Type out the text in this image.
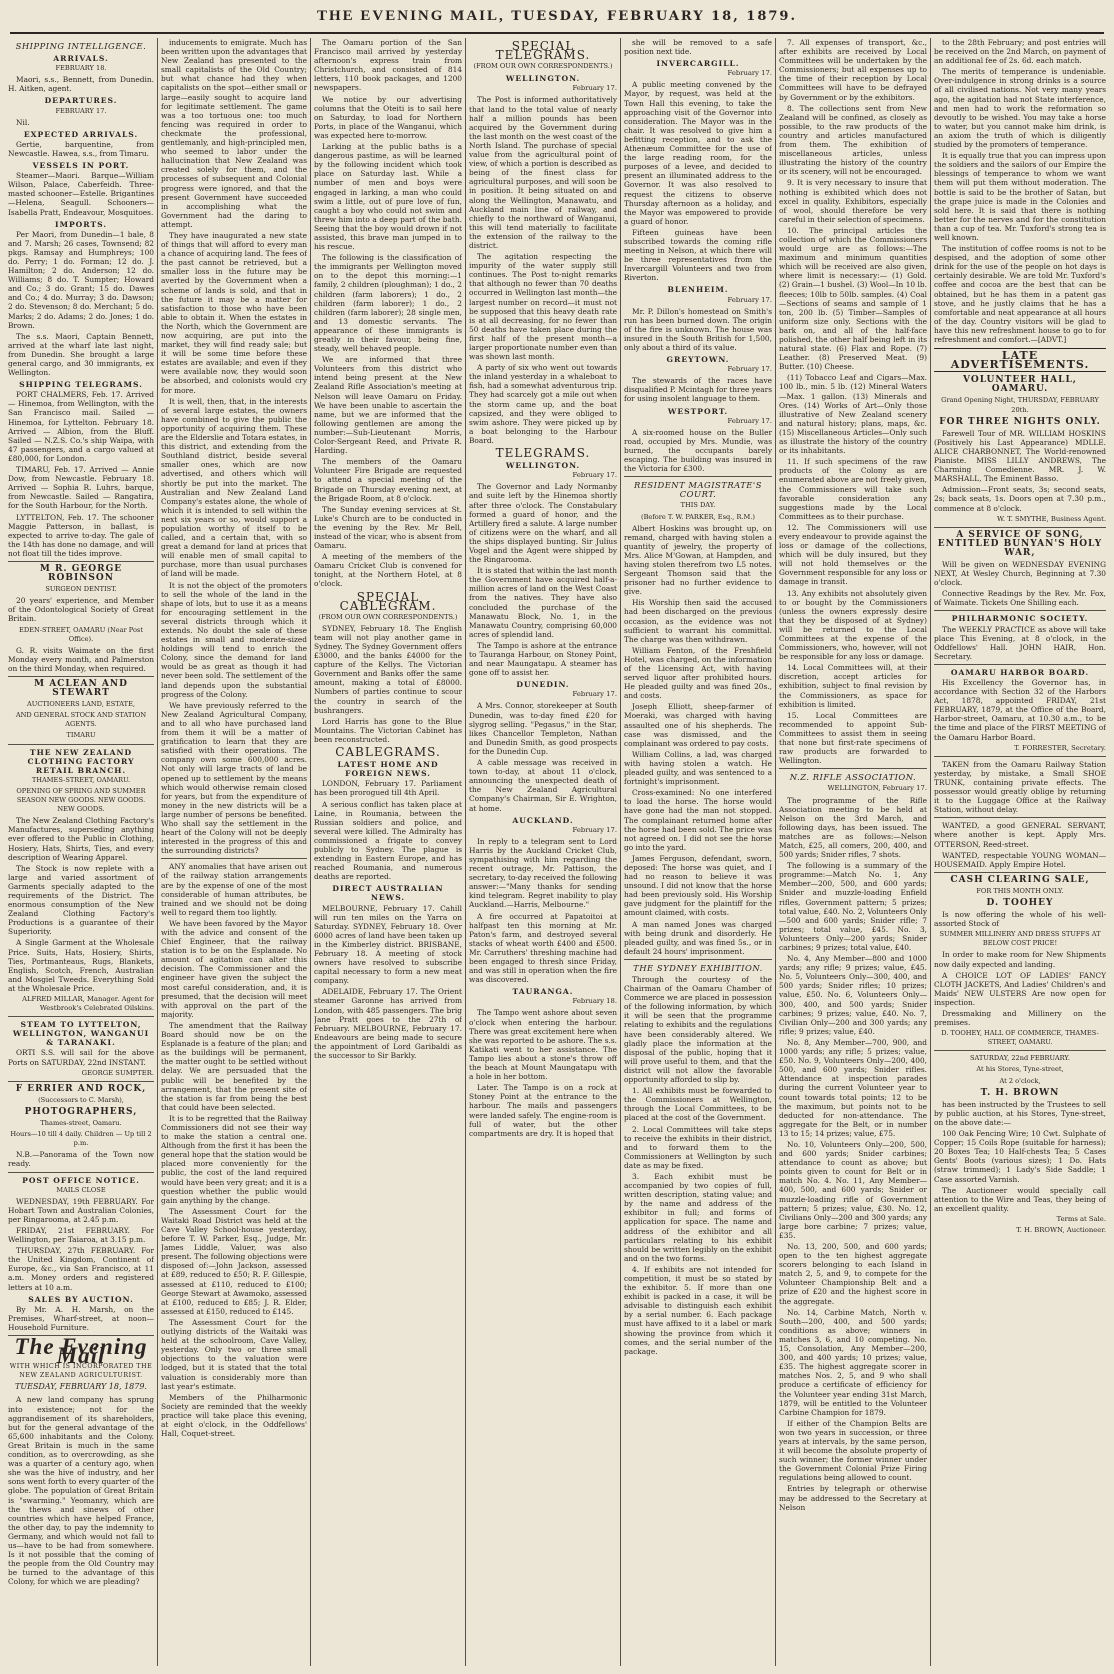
THE EVENING MAIL, TUESDAY, FEBRUARY 18, 1879.
SHIPPING INTELLIGENCE.
ARRIVALS.
FEBRUARY 18.

Maori, s.s., Bennett, from Dunedin. H. Aitken, agent.

DEPARTURES.
FEBRUARY 17.

Nil.

EXPECTED ARRIVALS.

Gertie, barquentine, from Newcastle. Hawea, s.s., from Timaru.

VESSELS IN PORT.

Steamer—Maori. Barque—William Wilson, Palace, Caberfeidh. Three-masted schooner—Estelle. Brigantines—Helena, Seagull. Schooners—Isabella Pratt, Endeavour, Mosquitoes.

IMPORTS.

Per Maori, from Dunedin—1 bale, 8 and 7. Marsh; 26 cases, Townsend; 82 pkgs. Ramsay and Humphreys; 100 do. Perry; 1 do. Forman; 12 do. J. Hamilton; 2 do. Anderson; 12 do. Williams; 8 do. T. Sumpter; Howard and Co.; 3 do. Grant; 15 do. Dawes and Co.; 4 do. Murray; 3 do. Dawson; 2 do. Stevenson; 8 do. Merchant; 5 do. Marks; 2 do. Adams; 2 do. Jones; 1 do. Brown.

The s.s. Maori, Captain Bennett, arrived at the wharf late last night, from Dunedin. She brought a large general cargo, and 30 immigrants, ex Wellington.

SHIPPING TELEGRAMS.

PORT CHALMERS, Feb. 17. Arrived — Hinemoa, from Wellington, with the San Francisco mail. Sailed — Hinemoa, for Lyttelton. February 18. Arrived — Albion, from the Bluff. Sailed — N.Z.S. Co.'s ship Waipa, with 47 passengers, and a cargo valued at £80,000, for London.

TIMARU, Feb. 17. Arrived — Annie Dow, from Newcastle. February 18. Arrived — Sophia R. Luhrs, barque, from Newcastle. Sailed — Rangatira, for the South Harbour, for the North.

LYTTELTON, Feb. 17. The schooner Maggie Patterson, in ballast, is expected to arrive to-day. The gale of the 14th has done no damage, and will not float till the tides improve.

M R. GEORGE ROBINSON
SURGEON DENTIST.

20 years' experience, and Member of the Odontological Society of Great Britain.

EDEN-STREET, OAMARU (Near Post Office).

G. R. visits Waimate on the first Monday every month, and Palmerston on the third Monday, when required.

M ACLEAN AND STEWART
AUCTIONEERS LAND, ESTATE,
AND GENERAL STOCK AND STATION AGENTS.
TIMARU
THE NEW ZEALAND CLOTHING FACTORY RETAIL BRANCH.
THAMES-STREET, OAMARU.
OPENING OF SPRING AND SUMMER SEASON NEW GOODS. NEW GOODS. NEW GOODS.

The New Zealand Clothing Factory's Manufactures, superseding anything ever offered to the Public in Clothing, Hosiery, Hats, Shirts, Ties, and every description of Wearing Apparel.

The Stock is now replete with a large and varied assortment of Garments specially adapted to the requirements of the District. The enormous consumption of the New Zealand Clothing Factory's Productions is a guarantee of their Superiority.

A Single Garment at the Wholesale Price. Suits, Hats, Hosiery, Shirts, Ties, Portmanteaus, Rugs, Blankets, English, Scotch, French, Australian and Mosgiel Tweeds. Everything Sold at the Wholesale Price.

ALFRED MILLAR, Manager. Agent for Westbrook's Celebrated Oilskins.
STEAM TO LYTTELTON, WELLINGTON, WANGANUI & TARANAKI.

ORTI S.S. will sail for the above Ports on SATURDAY, 22nd INSTANT.

GEORGE SUMPTER.
F ERRIER AND ROCK,
(Successors to C. Marsh),
PHOTOGRAPHERS,
Thames-street, Oamaru.
Hours—10 till 4 daily. Children — Up till 2 p.m.

N.B.—Panorama of the Town now ready.

POST OFFICE NOTICE.
MAILS CLOSE

WEDNESDAY, 19th FEBRUARY. For Hobart Town and Australian Colonies, per Ringarooma, at 2.45 p.m.

FRIDAY, 21st FEBRUARY. For Wellington, per Taiaroa, at 3.15 p.m.

THURSDAY, 27th FEBRUARY. For the United Kingdom, Continent of Europe, &c., via San Francisco, at 11 a.m. Money orders and registered letters at 10 a.m.

SALES BY AUCTION.

By Mr. A. H. Marsh, on the Premises, Wharf-street, at noon—Household Furniture.

The Evening Mail
WITH WHICH IS INCORPORATED THE NEW ZEALAND AGRICULTURIST.
TUESDAY, FEBRUARY 18, 1879.

A new land company has sprung into existence; not for the aggrandisement of its shareholders, but for the general advantage of the 65,600 inhabitants and the Colony. Great Britain is much in the same condition, as to overcrowding, as she was a quarter of a century ago, when she was the hive of industry, and her sons went forth to every quarter of the globe. The population of Great Britain is "swarming." Yeomanry, which are the thews and sinews of other countries which have helped France, the other day, to pay the indemnity to Germany, and which would not fall to us—have to be had from somewhere. Is it not possible that the coming of the people from the Old Country may be turned to the advantage of this Colony, for which we are pleading?

inducements to emigrate. Much has been written upon the advantages that New Zealand has presented to the small capitalists of the Old Country; but what chance had they when capitalists on the spot—either small or large—easily sought to acquire land for legitimate settlement. The game was a too tortuous one: too much fencing was required in order to checkmate the professional, gentlemanly, and high-principled men, who seemed to labor under the hallucination that New Zealand was created solely for them, and the processes of subsequent and Colonial progress were ignored, and that the present Government have succeeded in accomplishing what the Government had the daring to attempt.

They have inaugurated a new state of things that will afford to every man a chance of acquiring land. The fees of the past cannot be retrieved, but a smaller loss in the future may be averted by the Government when a scheme of lands is sold, and that in the future it may be a matter for satisfaction to those who have been able to obtain it. When the estates in the North, which the Government are now acquiring, are put into the market, they will find ready sale; but it will be some time before these estates are available; and even if they were available now, they would soon be absorbed, and colonists would cry for more.

It is well, then, that, in the interests of several large estates, the owners have combined to give the public the opportunity of acquiring them. These are the Elderslie and Totara estates, in this district, and extending from the Southland district, beside several smaller ones, which are now advertised, and others which will shortly be put into the market. The Australian and New Zealand Land Company's estates alone, the whole of which it is intended to sell within the next six years or so, would support a population worthy of itself to be called, and a certain that, with so great a demand for land at prices that will enable men of small capital to purchase, more than usual purchases of land will be made.

It is not the object of the promoters to sell the whole of the land in the shape of lots, but to use it as a means for encouraging settlement in the several districts through which it extends. No doubt the sale of these estates in small and moderate-sized holdings will tend to enrich the Colony, since the demand for land would be as great as though it had never been sold. The settlement of the land depends upon the substantial progress of the Colony.

We have previously referred to the New Zealand Agricultural Company, and to all who have purchased land from them it will be a matter of gratification to learn that they are satisfied with their operations. The company own some 600,000 acres. Not only will large tracts of land be opened up to settlement by the means which would otherwise remain closed for years, but from the expenditure of money in the new districts will be a large number of persons be benefited. Who shall say the settlement in the heart of the Colony will not be deeply interested in the progress of this and the surrounding districts?

ANY anomalies that have arisen out of the railway station arrangements are by the expense of one of the most considerable of human attributes, be trained and we should not be doing well to regard them too lightly.

We have been favored by the Mayor with the advice and consent of the Chief Engineer, that the railway station is to be on the Esplanade. No amount of agitation can alter this decision. The Commissioner and the engineer have given the subject the most careful consideration, and, it is presumed, that the decision will meet with approval on the part of the majority.

The amendment that the Railway Board should now be on the Esplanade is a feature of the plan; and as the buildings will be permanent, the matter ought to be settled without delay. We are persuaded that the public will be benefited by the arrangement, that the present site of the station is far from being the best that could have been selected.

It is to be regretted that the Railway Commissioners did not see their way to make the station a central one. Although from the first it has been the general hope that the station would be placed more conveniently for the public, the cost of the land required would have been very great; and it is a question whether the public would gain anything by the change.

The Assessment Court for the Waitaki Road District was held at the Cave Valley School-house yesterday, before T. W. Parker, Esq., Judge, Mr. James Liddle, Valuer, was also present. The following objections were disposed of:—John Jackson, assessed at £89, reduced to £50; R. F. Gillespie, assessed at £110, reduced to £100; George Stewart at Awamoko, assessed at £100, reduced to £85; J. R. Elder, assessed at £150, reduced to £145.

The Assessment Court for the outlying districts of the Waitaki was held at the schoolroom, Cave Valley, yesterday. Only two or three small objections to the valuation were lodged, but it is stated that the total valuation is considerably more than last year's estimate.

Members of the Philharmonic Society are reminded that the weekly practice will take place this evening, at eight o'clock, in the Oddfellows' Hall, Coquet-street.

The Oamaru portion of the San Francisco mail arrived by yesterday afternoon's express train from Christchurch, and consisted of 814 letters, 110 book packages, and 1200 newspapers.

We notice by our advertising columns that the Oteiti is to sail here on Saturday, to load for Northern Ports, in place of the Wanganui, which was expected here to-morrow.

Larking at the public baths is a dangerous pastime, as will be learned by the following incident which took place on Saturday last. While a number of men and boys were engaged in larking, a man who could swim a little, out of pure love of fun, caught a boy who could not swim and threw him into a deep part of the bath. Seeing that the boy would drown if not assisted, this brave man jumped in to his rescue.

The following is the classification of the immigrants per Wellington moved on to the depot this morning:—1 family, 2 children (ploughman); 1 do., 2 children (farm laborers); 1 do., 2 children (farm laborer); 1 do., 2 children (farm laborer); 28 single men, and 13 domestic servants. The appearance of these immigrants is greatly in their favour, being fine, steady, well behaved people.

We are informed that three Volunteers from this district who intend being present at the New Zealand Rifle Association's meeting at Nelson will leave Oamaru on Friday. We have been unable to ascertain the name, but we are informed that the following gentlemen are among the number:—Sub-Lieutenant Morris, Color-Sergeant Reed, and Private R. Harding.

The members of the Oamaru Volunteer Fire Brigade are requested to attend a special meeting of the Brigade on Thursday evening next, at the Brigade Room, at 8 o'clock.

The Sunday evening services at St. Luke's Church are to be conducted in the evening by the Rev. Mr Bell, instead of the vicar, who is absent from Oamaru.

A meeting of the members of the Oamaru Cricket Club is convened for tonight, at the Northern Hotel, at 8 o'clock.

SPECIAL CABLEGRAM.
(FROM OUR OWN CORRESPONDENTS.)

SYDNEY, February 18. The English team will not play another game in Sydney. The Sydney Government offers £3000, and the banks £4000 for the capture of the Kellys. The Victorian Government and Banks offer the same amount, making a total of £8000. Numbers of parties continue to scour the country in search of the bushrangers.

Lord Harris has gone to the Blue Mountains. The Victorian Cabinet has been reconstructed.

CABLEGRAMS.
LATEST HOME AND FOREIGN NEWS.

LONDON, February 17. Parliament has been prorogued till 4th April.

A serious conflict has taken place at Laine, in Roumania, between the Russian soldiers and police, and several were killed. The Admiralty has commissioned a frigate to convey publicly to Sydney. The plague is extending in Eastern Europe, and has reached Roumania, and numerous deaths are reported.

DIRECT AUSTRALIAN NEWS.

MELBOURNE, February 17. Cahill will run ten miles on the Yarra on Saturday. SYDNEY, February 18. Over 6000 acres of land have been taken up in the Kimberley district. BRISBANE, February 18. A meeting of stock owners have resolved to subscribe capital necessary to form a new meat company.

ADELAIDE, February 17. The Orient steamer Garonne has arrived from London, with 485 passengers. The brig Jane Pratt goes to the 27th of February. MELBOURNE, February 17. Endeavours are being made to secure the appointment of Lord Garibaldi as the successor to Sir Barkly.

SPECIAL TELEGRAMS.
(FROM OUR OWN CORRESPONDENTS.)
WELLINGTON.
February 17.

The Post is informed authoritatively that land to the total value of nearly half a million pounds has been acquired by the Government during the last month on the west coast of the North Island. The purchase of special value from the agricultural point of view, of which a portion is described as being of the finest class for agricultural purposes, and will soon be in position. It being situated on and along the Wellington, Manawatu, and Auckland main line of railway, and chiefly to the northward of Wanganui, this will tend materially to facilitate the extension of the railway to the district.

The agitation respecting the impurity of the water supply still continues. The Post to-night remarks that although no fewer than 70 deaths occurred in Wellington last month—the largest number on record—it must not be supposed that this heavy death rate is at all decreasing, for no fewer than 50 deaths have taken place during the first half of the present month—a larger proportionate number even than was shown last month.

A party of six who went out towards the inland yesterday in a whaleboat to fish, had a somewhat adventurous trip. They had scarcely got a mile out when the storm came up, and the boat capsized, and they were obliged to swim ashore. They were picked up by a boat belonging to the Harbour Board.

TELEGRAMS.
WELLINGTON.
February 17.

The Governor and Lady Normanby and suite left by the Hinemoa shortly after three o'clock. The Constabulary formed a guard of honor, and the Artillery fired a salute. A large number of citizens were on the wharf, and all the ships displayed bunting. Sir Julius Vogel and the Agent were shipped by the Ringarooma.

It is stated that within the last month the Government have acquired half-a-million acres of land on the West Coast from the natives. They have also concluded the purchase of the Manawatu Block, No. 1, in the Manawatu Country, comprising 60,000 acres of splendid land.

The Tampo is ashore at the entrance to Tauranga Harbour, on Stoney Point, and near Maungatapu. A steamer has gone off to assist her.

DUNEDIN.
February 17.

A Mrs. Connor, storekeeper at South Dunedin, was to-day fined £20 for slygrog selling. "Pegasus," in the Star, likes Chancellor Templeton, Nathan and Dunedin Smith, as good prospects for the Dunedin Cup.

A cable message was received in town to-day, at about 11 o'clock, announcing the unexpected death of the New Zealand Agricultural Company's Chairman, Sir E. Wrighton, at home.

AUCKLAND.
February 17.

In reply to a telegram sent to Lord Harris by the Auckland Cricket Club, sympathising with him regarding the recent outrage, Mr. Pattison, the secretary, to-day received the following answer:—"Many thanks for sending kind telegram. Regret inability to play Auckland.—Harris, Melbourne."

A fire occurred at Papatoitoi at halfpast ten this morning at Mr. Paton's farm, and destroyed several stacks of wheat worth £400 and £500. Mr. Carruthers' threshing machine had been engaged to thresh since Friday, and was still in operation when the fire was discovered.

TAURANGA.
February 18.

The Tampo went ashore about seven o'clock when entering the harbour. There was great excitement here when she was reported to be ashore. The s.s. Katikati went to her assistance. The Tampo lies about a stone's throw off the beach at Mount Maungatapu with a hole in her bottom.

Later. The Tampo is on a rock at Stoney Point at the entrance to the harbour. The mails and passengers were landed safely. The engine-room is full of water, but the other compartments are dry. It is hoped that

she will be removed to a safe position next tide.

INVERCARGILL.
February 17.

A public meeting convened by the Mayor, by request, was held at the Town Hall this evening, to take the approaching visit of the Governor into consideration. The Mayor was in the chair. It was resolved to give him a befitting reception, and to ask the Athenæum Committee for the use of the large reading room, for the purposes of a levee, and decided to present an illuminated address to the Governor. It was also resolved to request the citizens to observe Thursday afternoon as a holiday, and the Mayor was empowered to provide a guard of honor.

Fifteen guineas have been subscribed towards the coming rifle meeting in Nelson, at which there will be three representatives from the Invercargill Volunteers and two from Riverton.

BLENHEIM.
February 17.

Mr. P. Dillon's homestead on Smith's run has been burned down. The origin of the fire is unknown. The house was insured in the South British for 1,500, only about a third of its value.

GREYTOWN.
February 17.

The stewards of the races have disqualified P. Mcintagh for three years for using insolent language to them.

WESTPORT.
February 17.

A six-roomed house on the Buller road, occupied by Mrs. Mundie, was burned, the occupants barely escaping. The building was insured in the Victoria for £300.

RESIDENT MAGISTRATE'S COURT.
THIS DAY.
(Before T. W. PARKER, Esq., R.M.)

Albert Hoskins was brought up, on remand, charged with having stolen a quantity of jewelry, the property of Mrs. Alice M'Gowan, at Hampden, and having stolen therefrom two L5 notes. Sergeant Thomson said that the prisoner had no further evidence to give.

His Worship then said the accused had been discharged on the previous occasion, as the evidence was not sufficient to warrant his committal. The charge was then withdrawn.

William Fenton, of the Freshfield Hotel, was charged, on the information of the Licensing Act, with having served liquor after prohibited hours. He pleaded guilty and was fined 20s., and costs.

Joseph Elliott, sheep-farmer of Moeraki, was charged with having assaulted one of his shepherds. The case was dismissed, and the complainant was ordered to pay costs.

William Collins, a lad, was charged with having stolen a watch. He pleaded guilty, and was sentenced to a fortnight's imprisonment.

Cross-examined: No one interfered to load the horse. The horse would have gone had the man not stopped. The complainant returned home after the horse had been sold. The price was not agreed on. I did not see the horse go into the yard.

James Ferguson, defendant, sworn, deposed: The horse was quiet, and I had no reason to believe it was unsound. I did not know that the horse had been previously sold. His Worship gave judgment for the plaintiff for the amount claimed, with costs.

A man named Jones was charged with being drunk and disorderly. He pleaded guilty, and was fined 5s., or in default 24 hours' imprisonment.

THE SYDNEY EXHIBITION.

Through the courtesy of the Chairman of the Oamaru Chamber of Commerce we are placed in possession of the following information, by which it will be seen that the programme relating to exhibits and the regulations have been considerably altered. We gladly place the information at the disposal of the public, hoping that it will prove useful to them, and that the district will not allow the favorable opportunity afforded to slip by.

1. All exhibits must be forwarded to the Commissioners at Wellington, through the Local Committees, to be placed at the cost of the Government.

2. Local Committees will take steps to receive the exhibits in their district, and to forward them to the Commissioners at Wellington by such date as may be fixed.

3. Each exhibit must be accompanied by two copies of full, written description, stating value; and by the name and address of the exhibitor in full; and forms of application for space. The name and address of the exhibitor and all particulars relating to his exhibit should be written legibly on the exhibit and on the two forms.

4. If exhibits are not intended for competition, it must be so stated by the exhibitor. 5. If more than one exhibit is packed in a case, it will be advisable to distinguish each exhibit by a serial number. 6. Each package must have affixed to it a label or mark showing the province from which it comes, and the serial number of the package.

7. All expenses of transport, &c., after exhibits are received by Local Committees will be undertaken by the Commissioners; but all expenses up to the time of their reception by Local Committees will have to be defrayed by Government or by the exhibitors.

8. The collections sent from New Zealand will be confined, as closely as possible, to the raw products of the country and articles manufactured from them. The exhibition of miscellaneous articles, unless illustrating the history of the country or its scenery, will not be encouraged.

9. It is very necessary to insure that nothing is exhibited which does not excel in quality. Exhibitors, especially of wool, should therefore be very careful in their selection of specimens.

10. The principal articles the collection of which the Commissioners would urge are as follows:—The maximum and minimum quantities which will be received are also given, where limit is necessary:— (1) Gold. (2) Grain—1 bushel. (3) Wool—In 10 lb. fleeces; 10lb to 50lb. samples. (4) Coal—Sections of seams and sample of 1 ton, 200 lb. (5) Timber—Samples of uniform size only. Sections with the bark on, and all of the half-face polished, the other half being left in its natural state. (6) Flax and Rope. (7) Leather. (8) Preserved Meat. (9) Butter. (10) Cheese.

(11) Tobacco Leaf and Cigars—Max. 100 lb., min. 5 lb. (12) Mineral Waters—Max. 1 gallon. (13) Minerals and Ores. (14) Works of Art—Only those illustrative of New Zealand scenery and natural history; plans, maps, &c. (15) Miscellaneous Articles—Only such as illustrate the history of the country or its inhabitants.

11. If such specimens of the raw products of the Colony as are enumerated above are not freely given, the Commissioners will take such favorable consideration any suggestions made by the Local Committees as to their purchase.

12. The Commissioners will use every endeavour to provide against the loss or damage of the collections, which will be duly insured, but they will not hold themselves or the Government responsible for any loss or damage in transit.

13. Any exhibits not absolutely given to or bought by the Commissioners (unless the owners expressly desire that they be disposed of at Sydney) will be returned to the Local Committees at the expense of the Commissioners, who, however, will not be responsible for any loss or damage.

14. Local Committees will, at their discretion, accept articles for exhibition, subject to final revision by the Commissioners, as space for exhibition is limited.

15. Local Committees are recommended to appoint Sub-Committees to assist them in seeing that none but first-rate specimens of raw products are forwarded to Wellington.

N.Z. RIFLE ASSOCIATION.
WELLINGTON, February 17.

The programme of the Rifle Association meeting to be held at Nelson on the 3rd March, and following days, has been issued. The matches are as follows:—Nelson Match, £25, all comers, 200, 400, and 500 yards; Snider rifles, 7 shots.

The following is a summary of the programme:—Match No. 1, Any Member—200, 500, and 600 yards; Snider and muzzle-loading Enfield rifles, Government pattern; 5 prizes; total value, £40. No. 2, Volunteers Only—500 and 600 yards; Snider rifle; 7 prizes; total value, £45. No. 3, Volunteers Only—200 yards; Snider carbines; 9 prizes; total value, £40.

No. 4, Any Member—800 and 1000 yards; any rifle; 9 prizes; value, £45. No. 5, Volunteers Only—300, 400, and 500 yards; Snider rifles; 10 prizes; value, £50. No. 6, Volunteers Only—300, 400, and 500 yards; Snider carbines; 9 prizes; value, £40. No. 7, Civilian Only—200 and 300 yards; any rifle; 9 prizes; value, £40.

No. 8, Any Member—700, 900, and 1000 yards; any rifle; 5 prizes; value, £50. No. 9, Volunteers Only—200, 400, 500, and 600 yards; Snider rifles. Attendance at inspection parades during the current Volunteer year to count towards total points; 12 to be the maximum, but points not to be deducted for non-attendance. The aggregate for the Belt, or in number 13 to 15; 14 prizes; value, £75.

No. 10, Volunteers Only—200, 500, and 600 yards; Snider carbines; attendance to count as above; but points given to count for Belt or in match No. 4. No. 11, Any Member—400, 500, and 600 yards; Snider or muzzle-loading rifle of Government pattern; 5 prizes; value, £30. No. 12, Civilians Only—200 and 300 yards; any large bore carbine; 7 prizes; value, £35.

No. 13, 200, 500, and 600 yards; open to the ten highest aggregate scorers belonging to each Island in match 2, 5, and 9, to compete for the Volunteer Championship Belt and a prize of £20 and the highest score in the aggregate.

No. 14, Carbine Match, North v. South—200, 400, and 500 yards; conditions as above; winners in matches 3, 6, and 10 competing. No. 15, Consolation, Any Member—200, 300, and 400 yards; 10 prizes; value, £35. The highest aggregate scorer in matches Nos. 2, 5, and 9 who shall produce a certificate of efficiency for the Volunteer year ending 31st March, 1879, will be entitled to the Volunteer Carbine Champion for 1879.

If either of the Champion Belts are won two years in succession, or three years at intervals, by the same person, it will become the absolute property of such winner; the former winner under the Government Colonial Prize Firing regulations being allowed to count.

Entries by telegraph or otherwise may be addressed to the Secretary at Nelson

to the 28th February; and post entries will be received on the 2nd March, on payment of an additional fee of 2s. 6d. each match.

The merits of temperance is undeniable. Over-indulgence in strong drinks is a source of all civilised nations. Not very many years ago, the agitation had not State interference, and men had to work the reformation so devoutly to be wished. You may take a horse to water, but you cannot make him drink, is an axiom the truth of which is diligently studied by the promoters of temperance.

It is equally true that you can impress upon the soldiers and the sailors of our Empire the blessings of temperance to whom we want them will put them without moderation. The bottle is said to be the brother of Satan, but the grape juice is made in the Colonies and sold here. It is said that there is nothing better for the nerves and for the constitution than a cup of tea. Mr. Tuxford's strong tea is well known.

The institution of coffee rooms is not to be despised, and the adoption of some other drink for the use of the people on hot days is certainly desirable. We are told Mr. Tuxford's coffee and cocoa are the best that can be obtained, but he has them in a patent gas stove, and he justly claims that he has a comfortable and neat appearance at all hours of the day. Country visitors will be glad to have this new refreshment house to go to for refreshment and comfort.—[ADVT.]

LATE ADVERTISEMENTS.
VOLUNTEER HALL, OAMARU.
Grand Opening Night, THURSDAY, FEBRUARY 20th.
FOR THREE NIGHTS ONLY.

Farewell Tour of MR. WILLIAM HOSKINS (Positively his Last Appearance) MDLLE. ALICE CHARBONNET, The World-renowned Pianiste. MISS LILLY ANDREWS, The Charming Comedienne. MR. J. W. MARSHALL, The Eminent Basso.

Admission—Front seats, 3s; second seats, 2s; back seats, 1s. Doors open at 7.30 p.m., commence at 8 o'clock.

W. T. SMYTHE, Business Agent.
A SERVICE OF SONG, ENTITLED BUNYAN'S HOLY WAR,

Will be given on WEDNESDAY EVENING NEXT, At Wesley Church, Beginning at 7.30 o'clock.

Connective Readings by the Rev. Mr. Fox, of Waimate. Tickets One Shilling each.

PHILHARMONIC SOCIETY.

The WEEKLY PRACTICE as above will take place This Evening, at 8 o'clock, in the Oddfellows' Hall. JOHN HAIR, Hon. Secretary.

OAMARU HARBOR BOARD.

His Excellency the Governor has, in accordance with Section 32 of the Harbors Act, 1878, appointed FRIDAY, 21st FEBRUARY, 1879, at the Office of the Board, Harbor-street, Oamaru, at 10.30 a.m., to be the time and place of the FIRST MEETING of the Oamaru Harbor Board.

T. FORRESTER, Secretary.

TAKEN from the Oamaru Railway Station yesterday, by mistake, a Small SHOE TRUNK, containing private effects. The possessor would greatly oblige by returning it to the Luggage Office at the Railway Station, without delay.

WANTED, a good GENERAL SERVANT, where another is kept. Apply Mrs. OTTERSON, Reed-street.

WANTED, respectable YOUNG WOMAN—HOUSEMAID. Apply Empire Hotel.

CASH CLEARING SALE,
FOR THIS MONTH ONLY.
D. TOOHEY

Is now offering the whole of his well-assorted Stock of

SUMMER MILLINERY AND DRESS STUFFS AT BELOW COST PRICE!

In order to make room for New Shipments now daily expected and landing.

A CHOICE LOT OF LADIES' FANCY CLOTH JACKETS, And Ladies' Children's and Maids' NEW ULSTERS Are now open for inspection.

Dressmaking and Millinery on the premises.

D. TOOHEY, HALL OF COMMERCE, THAMES-STREET, OAMARU.
SATURDAY, 22nd FEBRUARY.
At his Stores, Tyne-street,
At 2 o'clock,
T. H. BROWN

has been instructed by the Trustees to sell by public auction, at his Stores, Tyne-street, on the above date:—

100 Oak Fencing Wire; 10 Cwt. Sulphate of Copper; 15 Coils Rope (suitable for harness); 20 Boxes Tea; 10 Half-chests Tea; 5 Cases Gents' Boots (various sizes); 1 Do. Hats (straw trimmed); 1 Lady's Side Saddle; 1 Case assorted Varnish.

The Auctioneer would specially call attention to the Wire and Teas, they being of an excellent quality.

Terms at Sale.
T. H. BROWN, Auctioneer.
